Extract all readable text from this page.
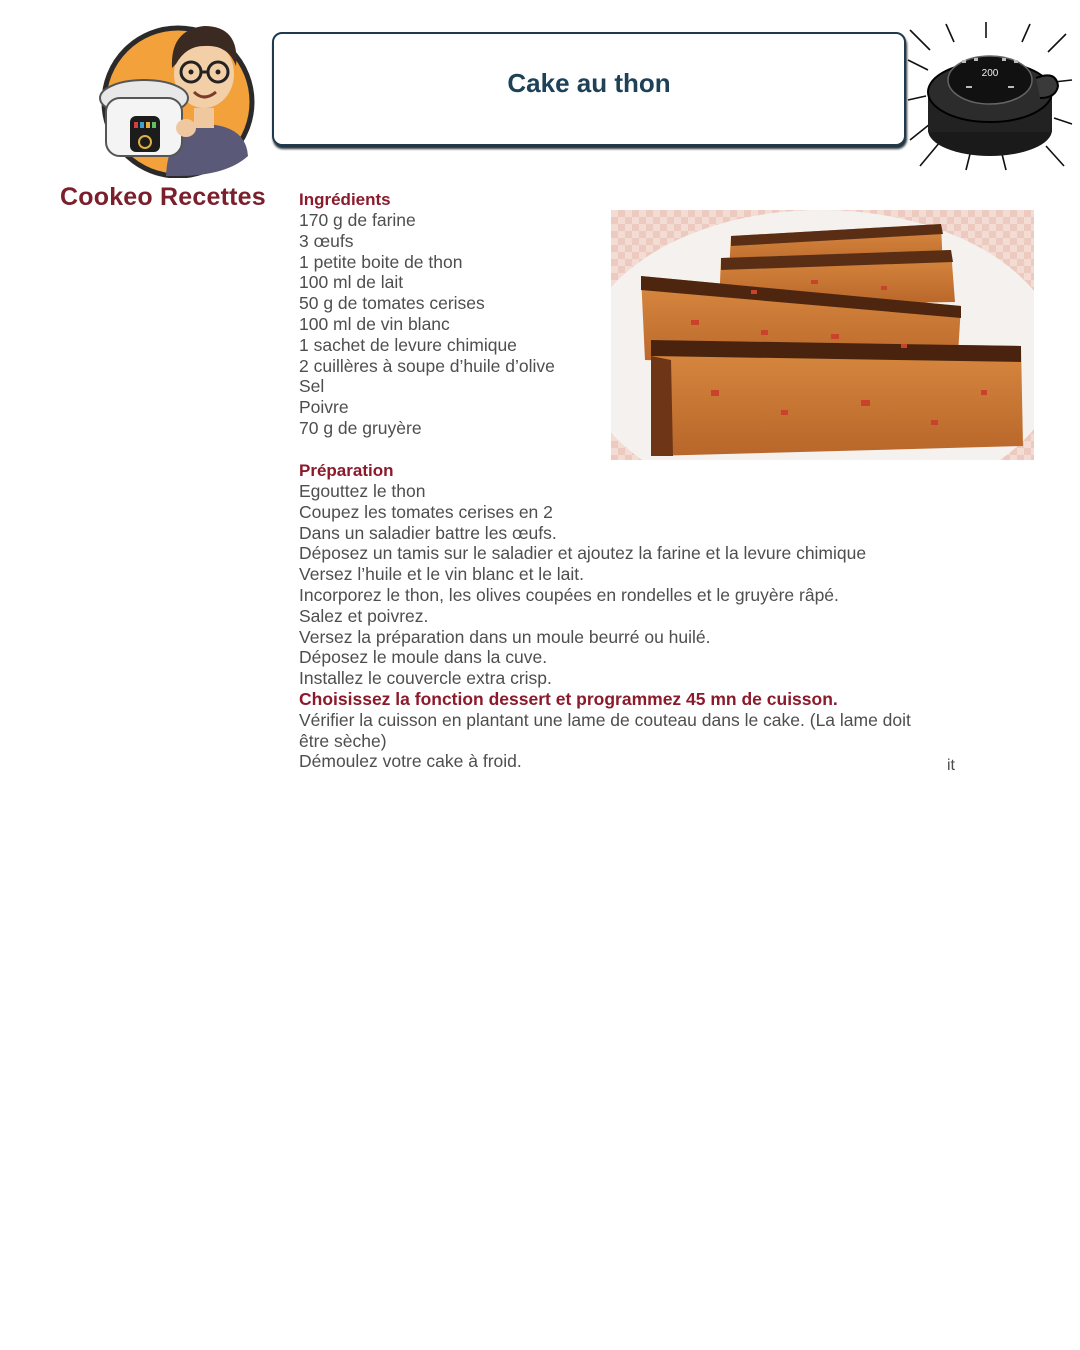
Cookeo Recettes
Cake au thon	200
Ingrédients
170 g de farine
3 œufs
1 petite boite de thon
100 ml de lait
50 g de tomates cerises
100 ml de vin blanc
1 sachet de levure chimique
2 cuillères à soupe d’huile d’olive
Sel
Poivre
70 g de gruyère
Préparation
Egouttez le thon
Coupez les tomates cerises en 2
Dans un saladier battre les œufs.
Déposez un tamis sur le saladier et ajoutez la farine et la levure chimique
Versez l’huile et le vin blanc et le lait.
Incorporez le thon, les olives coupées en rondelles et le gruyère râpé.
Salez et poivrez.
Versez la préparation dans un moule beurré ou huilé.
Déposez le moule dans la cuve.
Installez le couvercle extra crisp.
Choisissez la fonction dessert et programmez 45 mn de cuisson.
Vérifier la cuisson en plantant une lame de couteau dans le cake. (La lame doit être sèche)
Démoulez votre cake à froid.	it
